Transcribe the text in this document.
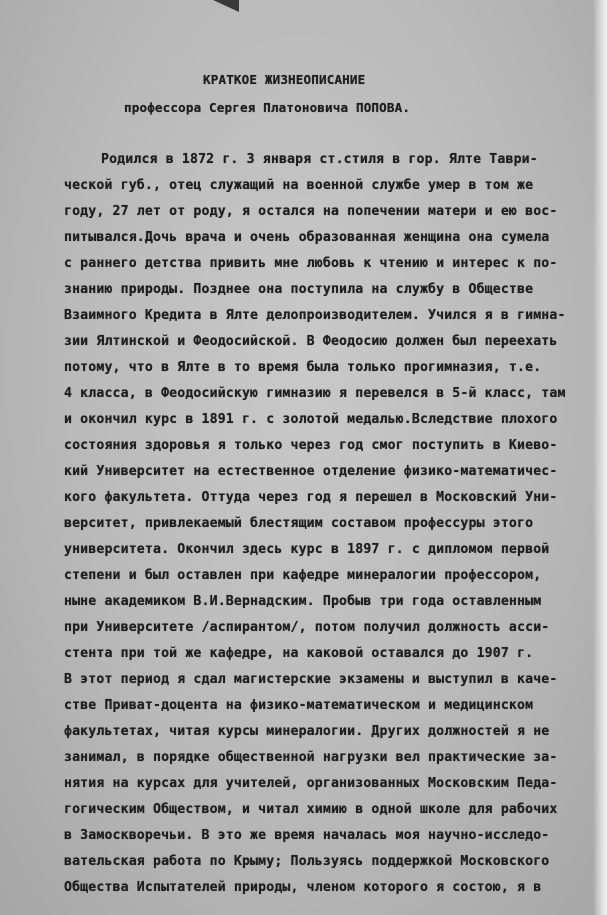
КРАТКОЕ ЖИЗНЕОПИСАНИЕ
профессора Сергея Платоновича ПОПОВА.
Родился в 1872 г. 3 января ст.стиля в гор. Ялте Таври-
ческой губ., отец служащий на военной службе умер в том же
году, 27 лет от роду, я остался на попечении матери и ею вос-
питывался.Дочь врача и очень образованная женщина она сумела
с раннего детства привить мне любовь к чтению и интерес к по-
знанию природы. Позднее она поступила на службу в Обществе
Взаимного Кредита в Ялте делопроизводителем. Учился я в гимна-
зии Ялтинской и Феодосийской. В Феодосию должен был переехать
потому, что в Ялте в то время была только прогимназия, т.е.
4 класса, в Феодосийскую гимназию я перевелся в 5-й класс, там
и окончил курс в 1891 г. с золотой медалью.Вследствие плохого
состояния здоровья я только через год смог поступить в Киево-
кий Университет на естественное отделение физико-математичес-
кого факультета. Оттуда через год я перешел в Московский Уни-
верситет, привлекаемый блестящим составом профессуры этого
университета. Окончил здесь курс в 1897 г. с дипломом первой
степени и был оставлен при кафедре минералогии профессором,
ныне академиком В.И.Вернадским. Пробыв три года оставленным
при Университете /аспирантом/, потом получил должность асси-
стента при той же кафедре, на каковой оставался до 1907 г.
В этот период я сдал магистерские экзамены и выступил в каче-
стве Приват-доцента на физико-математическом и медицинском
факультетах, читая курсы минералогии. Других должностей я не
занимал, в порядке общественной нагрузки вел практические за-
нятия на курсах для учителей, организованных Московским Педа-
гогическим Обществом, и читал химию в одной школе для рабочих
в Замоскворечьи. В это же время началась моя научно-исследо-
вательская работа по Крыму; Пользуясь поддержкой Московского
Общества Испытателей природы, членом которого я состою, я в
